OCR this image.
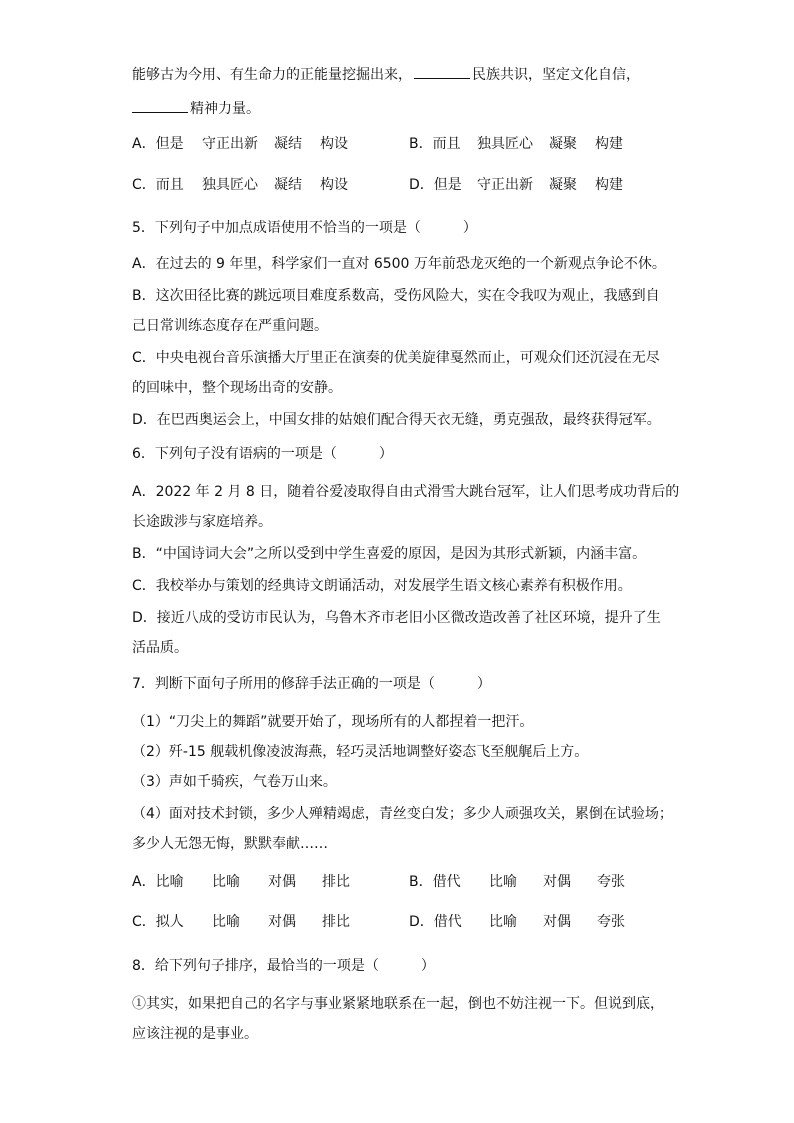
能够古为今用、有生命力的正能量挖掘出来，	民族共识，坚定文化自信，
精神力量。
A．但是 守正出新 凝结 构设	B．而且 独具匠心 凝聚 构建
C．而且 独具匠心 凝结 构设	D．但是 守正出新 凝聚 构建
5．下列句子中加点成语使用不恰当的一项是（　　　）
A．在过去的 9 年里，科学家们一直对 6500 万年前恐龙灭绝的一个新观点争论不休。
B．这次田径比赛的跳远项目难度系数高，受伤风险大，实在令我叹为观止，我感到自
己日常训练态度存在严重问题。
C．中央电视台音乐演播大厅里正在演奏的优美旋律戛然而止，可观众们还沉浸在无尽
的回味中，整个现场出奇的安静。
D．在巴西奥运会上，中国女排的姑娘们配合得天衣无缝，勇克强敌，最终获得冠军。
6．下列句子没有语病的一项是（　　　）
A．2022 年 2 月 8 日，随着谷爱凌取得自由式滑雪大跳台冠军，让人们思考成功背后的
长途跋涉与家庭培养。
B．“中国诗词大会”之所以受到中学生喜爱的原因，是因为其形式新颖，内涵丰富。
C．我校举办与策划的经典诗文朗诵活动，对发展学生语文核心素养有积极作用。
D．接近八成的受访市民认为，乌鲁木齐市老旧小区微改造改善了社区环境，提升了生
活品质。
7．判断下面句子所用的修辞手法正确的一项是（　　　）
（1）“刀尖上的舞蹈”就要开始了，现场所有的人都捏着一把汗。
（2）歼-15 舰载机像凌波海燕，轻巧灵活地调整好姿态飞至舰艉后上方。
（3）声如千骑疾，气卷万山来。
（4）面对技术封锁，多少人殚精竭虑，青丝变白发；多少人顽强攻关，累倒在试验场；
多少人无怨无悔，默默奉献……
A．比喻 比喻 对偶 排比	B．借代 比喻 对偶 夸张
C．拟人 比喻 对偶 排比	D．借代 比喻 对偶 夸张
8．给下列句子排序，最恰当的一项是（　　　）
①其实，如果把自己的名字与事业紧紧地联系在一起，倒也不妨注视一下。但说到底，
应该注视的是事业。
